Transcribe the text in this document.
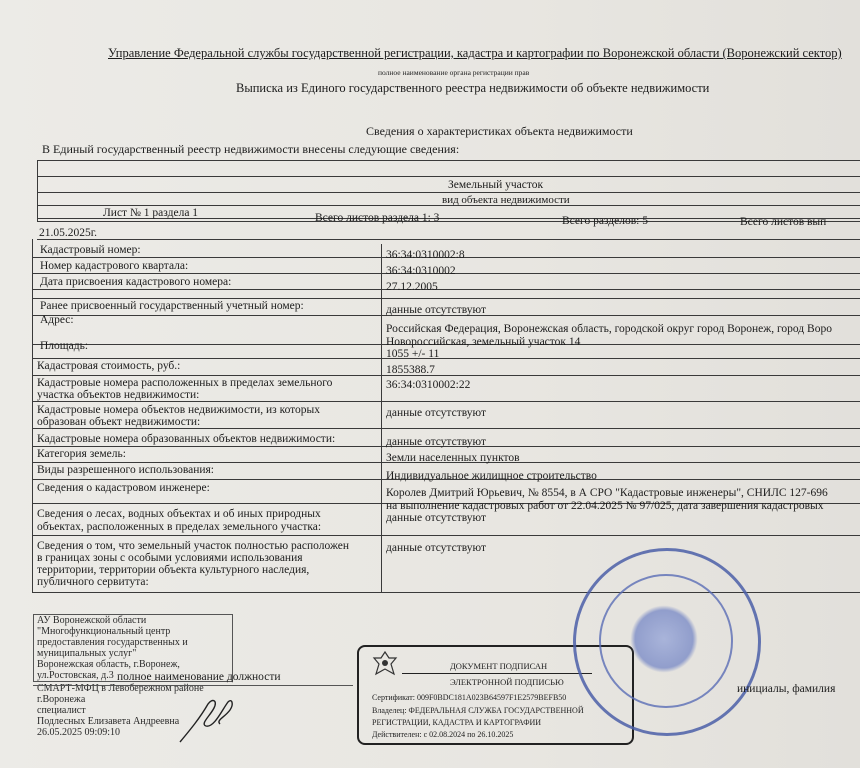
Управление Федеральной службы государственной регистрации, кадастра и картографии по Воронежской области (Воронежский сектор)
полное наименование органа регистрации прав
Выписка из Единого государственного реестра недвижимости об объекте недвижимости
Сведения о характеристиках объекта недвижимости
В Единый государственный реестр недвижимости внесены следующие сведения:
Земельный участок
вид объекта недвижимости
Лист № 1 раздела 1	Всего листов раздела 1: 3	Всего разделов: 5	Всего листов вып
21.05.2025г.
Кадастровый номер:	36:34:0310002:8
Номер кадастрового квартала:	36:34:0310002
Дата присвоения кадастрового номера:	27.12.2005
Ранее присвоенный государственный учетный номер:	данные отсутствуют
Адрес:
Российская Федерация, Воронежская область, городской округ город Воронеж, город Воро
Новороссийская, земельный участок 14
Площадь:
1055 +/- 11
Кадастровая стоимость, руб.:	1855388.7
Кадастровые номера расположенных в пределах земельного
участка объектов недвижимости:
36:34:0310002:22
Кадастровые номера объектов недвижимости, из которых
образован объект недвижимости:
данные отсутствуют
Кадастровые номера образованных объектов недвижимости:	данные отсутствуют
Категория земель:	Земли населенных пунктов
Виды разрешенного использования:	Индивидуальное жилищное строительство
Сведения о кадастровом инженере:	Королев Дмитрий Юрьевич, № 8554, в А СРО "Кадастровые инженеры", СНИЛС 127-696
на выполнение кадастровых работ от 22.04.2025 № 97/025, дата завершения кадастровых
Сведения о лесах, водных объектах и об иных природных
объектах, расположенных в пределах земельного участка:
данные отсутствуют
Сведения о том, что земельный участок полностью расположен
в границах зоны с особыми условиями использования
территории, территории объекта культурного наследия,
публичного сервитута:
данные отсутствуют
АУ Воронежской области
"Многофункциональный центр
предоставления государственных и
муниципальных услуг"
Воронежская область, г.Воронеж,
ул.Ростовская, д.3 полное наименование должности
СМАРТ-МФЦ в Левобережном районе
г.Воронежа
специалист
Подлесных Елизавета Андреевна
26.05.2025 09:09:10
ДОКУМЕНТ ПОДПИСАН
ЭЛЕКТРОННОЙ ПОДПИСЬЮ
Сертификат: 009F0BDC181A023B64597F1E2579BEFB50
Владелец: ФЕДЕРАЛЬНАЯ СЛУЖБА ГОСУДАРСТВЕННОЙ
РЕГИСТРАЦИИ, КАДАСТРА И КАРТОГРАФИИ
Действителен: с 02.08.2024 по 26.10.2025
инициалы, фамилия
